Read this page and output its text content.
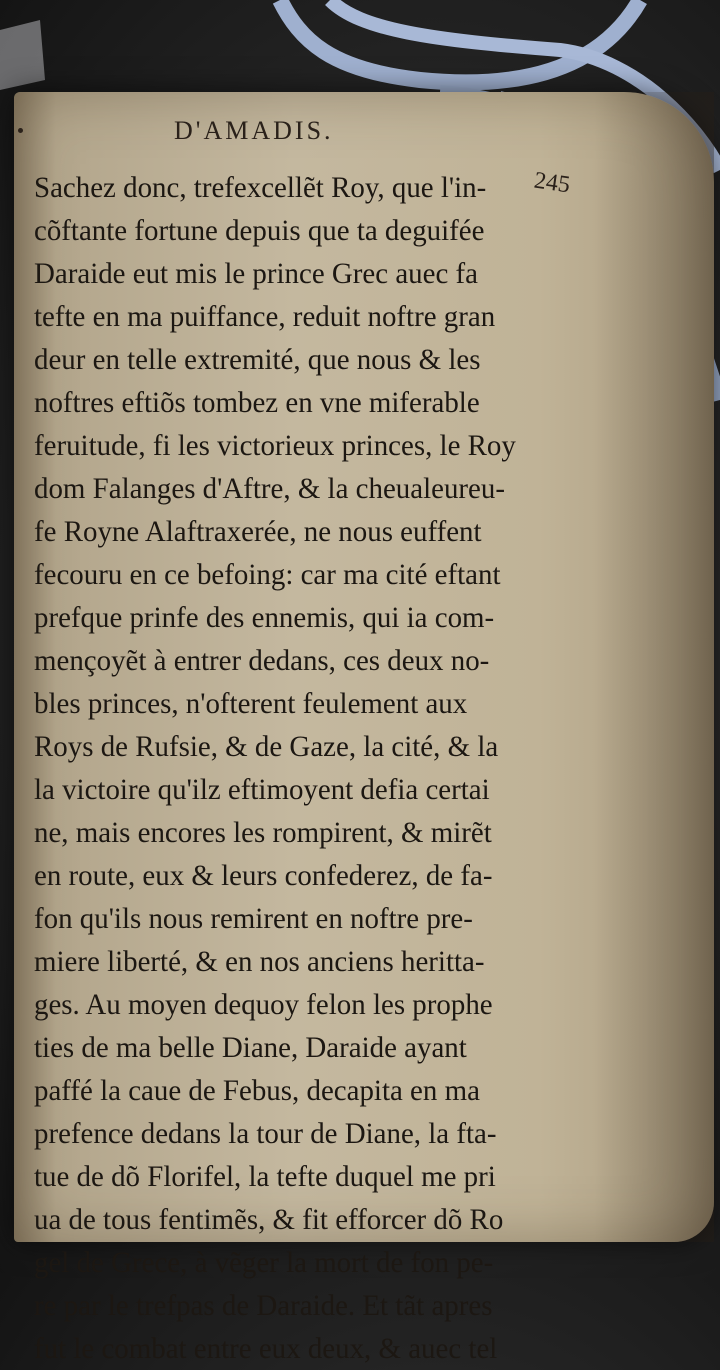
D'AMADIS.
245
Sachez donc, trefexcellẽt Roy, que l'in-
cõftante fortune depuis que ta deguifée
Daraide eut mis le prince Grec auec fa
tefte en ma puiffance, reduit noftre gran
deur en telle extremité, que nous & les
noftres eftiõs tombez en vne miferable
feruitude, fi les victorieux princes, le Roy
dom Falanges d'Aftre, & la cheualeureu-
fe Royne Alaftraxerée, ne nous euffent
fecouru en ce befoing: car ma cité eftant
prefque prinfe des ennemis, qui ia com-
mençoyẽt à entrer dedans, ces deux no-
bles princes, n'ofterent feulement aux
Roys de Rufsie, & de Gaze, la cité, & la
la victoire qu'ilz eftimoyent defia certai
ne, mais encores les rompirent, & mirẽt
en route, eux & leurs confederez, de fa-
fon qu'ils nous remirent en noftre pre-
miere liberté, & en nos anciens heritta-
ges. Au moyen dequoy felon les prophe
ties de ma belle Diane, Daraide ayant
paffé la caue de Febus, decapita en ma
prefence dedans la tour de Diane, la fta-
tue de dõ Florifel, la tefte duquel me pri
ua de tous fentimẽs, & fit efforcer dõ Ro
gel de Grece, à vẽger la mort de fon pe-
re par le trefpas de Daraide. Et tãt apres
fut le combat entre eux deux, & auec tel
